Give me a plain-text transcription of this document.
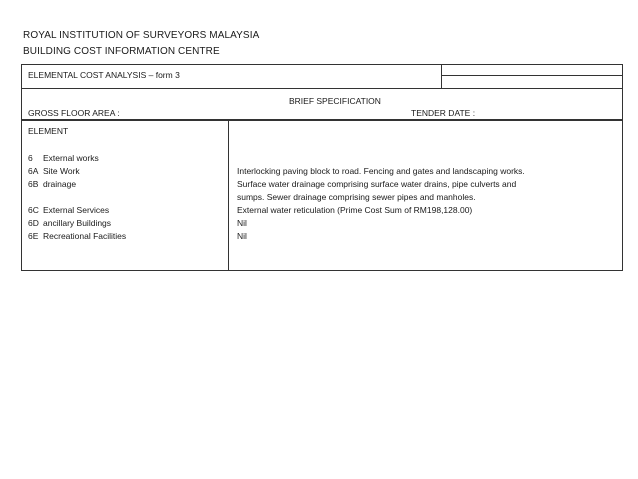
ROYAL INSTITUTION OF SURVEYORS MALAYSIA
BUILDING COST INFORMATION CENTRE
ELEMENTAL COST ANALYSIS – form 3
BRIEF SPECIFICATION
GROSS FLOOR AREA :	TENDER DATE :
ELEMENT
6 External works
6A Site Work
6B drainage
6C External Services
6D ancillary Buildings
6E Recreational Facilities
Interlocking paving block to road. Fencing and gates and landscaping works.
Surface water drainage comprising surface water drains, pipe culverts and
sumps. Sewer drainage comprising sewer pipes and manholes.
External water reticulation (Prime Cost Sum of RM198,128.00)
Nil
Nil
